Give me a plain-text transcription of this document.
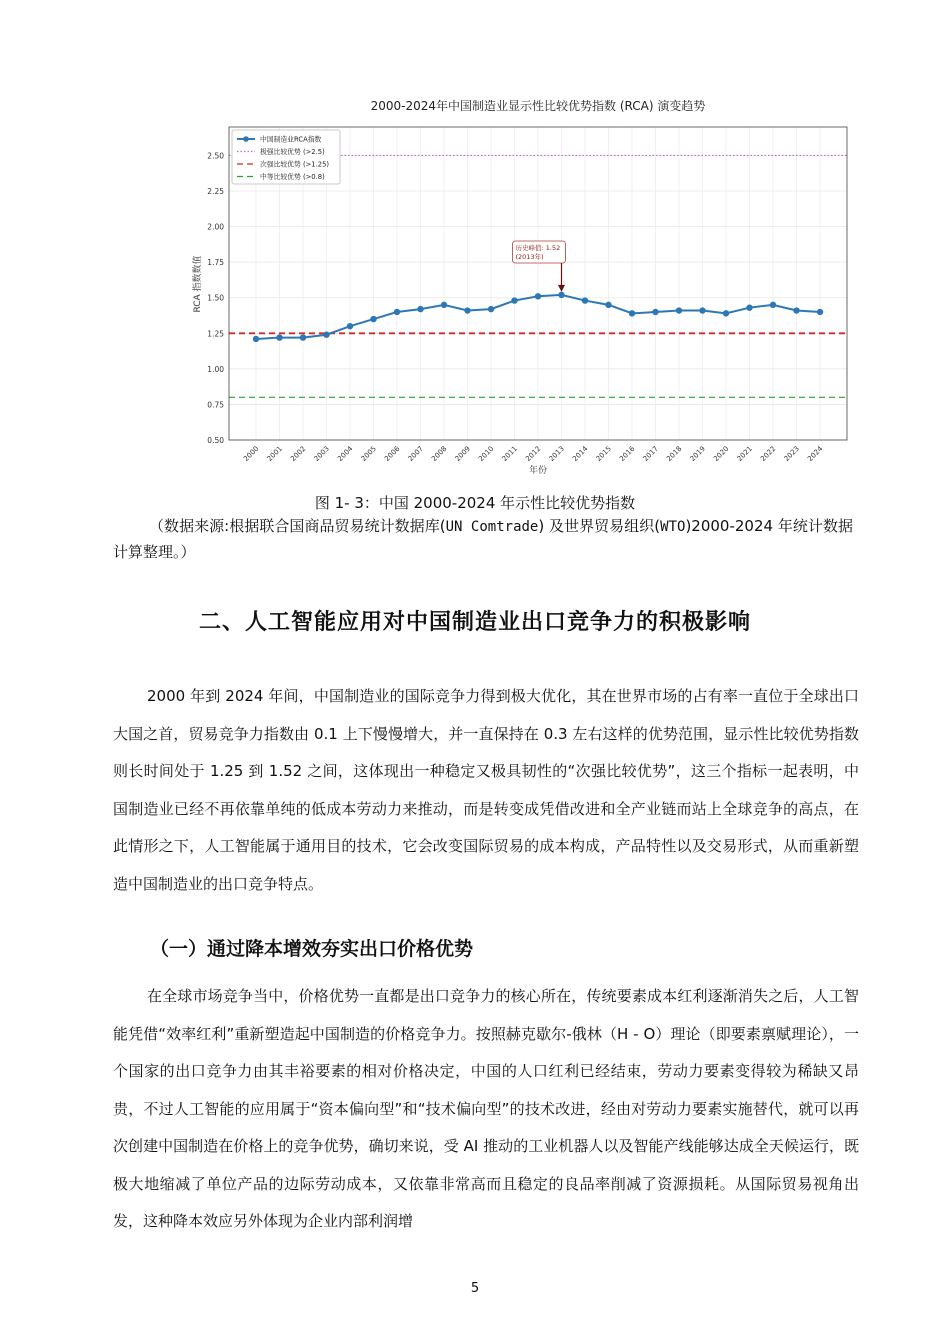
2000-2024年中国制造业显示性比较优势指数 (RCA) 演变趋势
0.50
0.75
1.00
1.25
1.50
1.75
2.00
2.25
2.50
2000 2001 2002 2003 2004 2005 2006 2007 2008 2009 2010 2011 2012 2013 2014 2015 2016 2017 2018 2019 2020 2021 2022 2023 2024
历史峰值: 1.52
(2013年)
中国制造业RCA指数
极强比较优势 (>2.5)
次强比较优势 (>1.25)
中等比较优势 (>0.8)
年份
RCA 指数数值
图 1- 3：中国 2000-2024 年示性比较优势指数
（数据来源:根据联合国商品贸易统计数据库(UN Comtrade) 及世界贸易组织(WTO)2000-2024 年统计数据计算整理。）
二、人工智能应用对中国制造业出口竞争力的积极影响

2000 年到 2024 年间，中国制造业的国际竞争力得到极大优化，其在世界市场的占有率一直位于全球出口大国之首，贸易竞争力指数由 0.1 上下慢慢增大，并一直保持在 0.3 左右这样的优势范围，显示性比较优势指数则长时间处于 1.25 到 1.52 之间，这体现出一种稳定又极具韧性的“次强比较优势”，这三个指标一起表明，中国制造业已经不再依靠单纯的低成本劳动力来推动，而是转变成凭借改进和全产业链而站上全球竞争的高点，在此情形之下，人工智能属于通用目的技术，它会改变国际贸易的成本构成，产品特性以及交易形式，从而重新塑造中国制造业的出口竞争特点。

（一）通过降本增效夯实出口价格优势

在全球市场竞争当中，价格优势一直都是出口竞争力的核心所在，传统要素成本红利逐渐消失之后，人工智能凭借“效率红利”重新塑造起中国制造的价格竞争力。按照赫克歇尔-俄林（H - O）理论（即要素禀赋理论），一个国家的出口竞争力由其丰裕要素的相对价格决定，中国的人口红利已经结束，劳动力要素变得较为稀缺又昂贵，不过人工智能的应用属于“资本偏向型”和“技术偏向型”的技术改进，经由对劳动力要素实施替代，就可以再次创建中国制造在价格上的竞争优势，确切来说，受 AI 推动的工业机器人以及智能产线能够达成全天候运行，既极大地缩减了单位产品的边际劳动成本，又依靠非常高而且稳定的良品率削减了资源损耗。从国际贸易视角出发，这种降本效应另外体现为企业内部利润增

5
